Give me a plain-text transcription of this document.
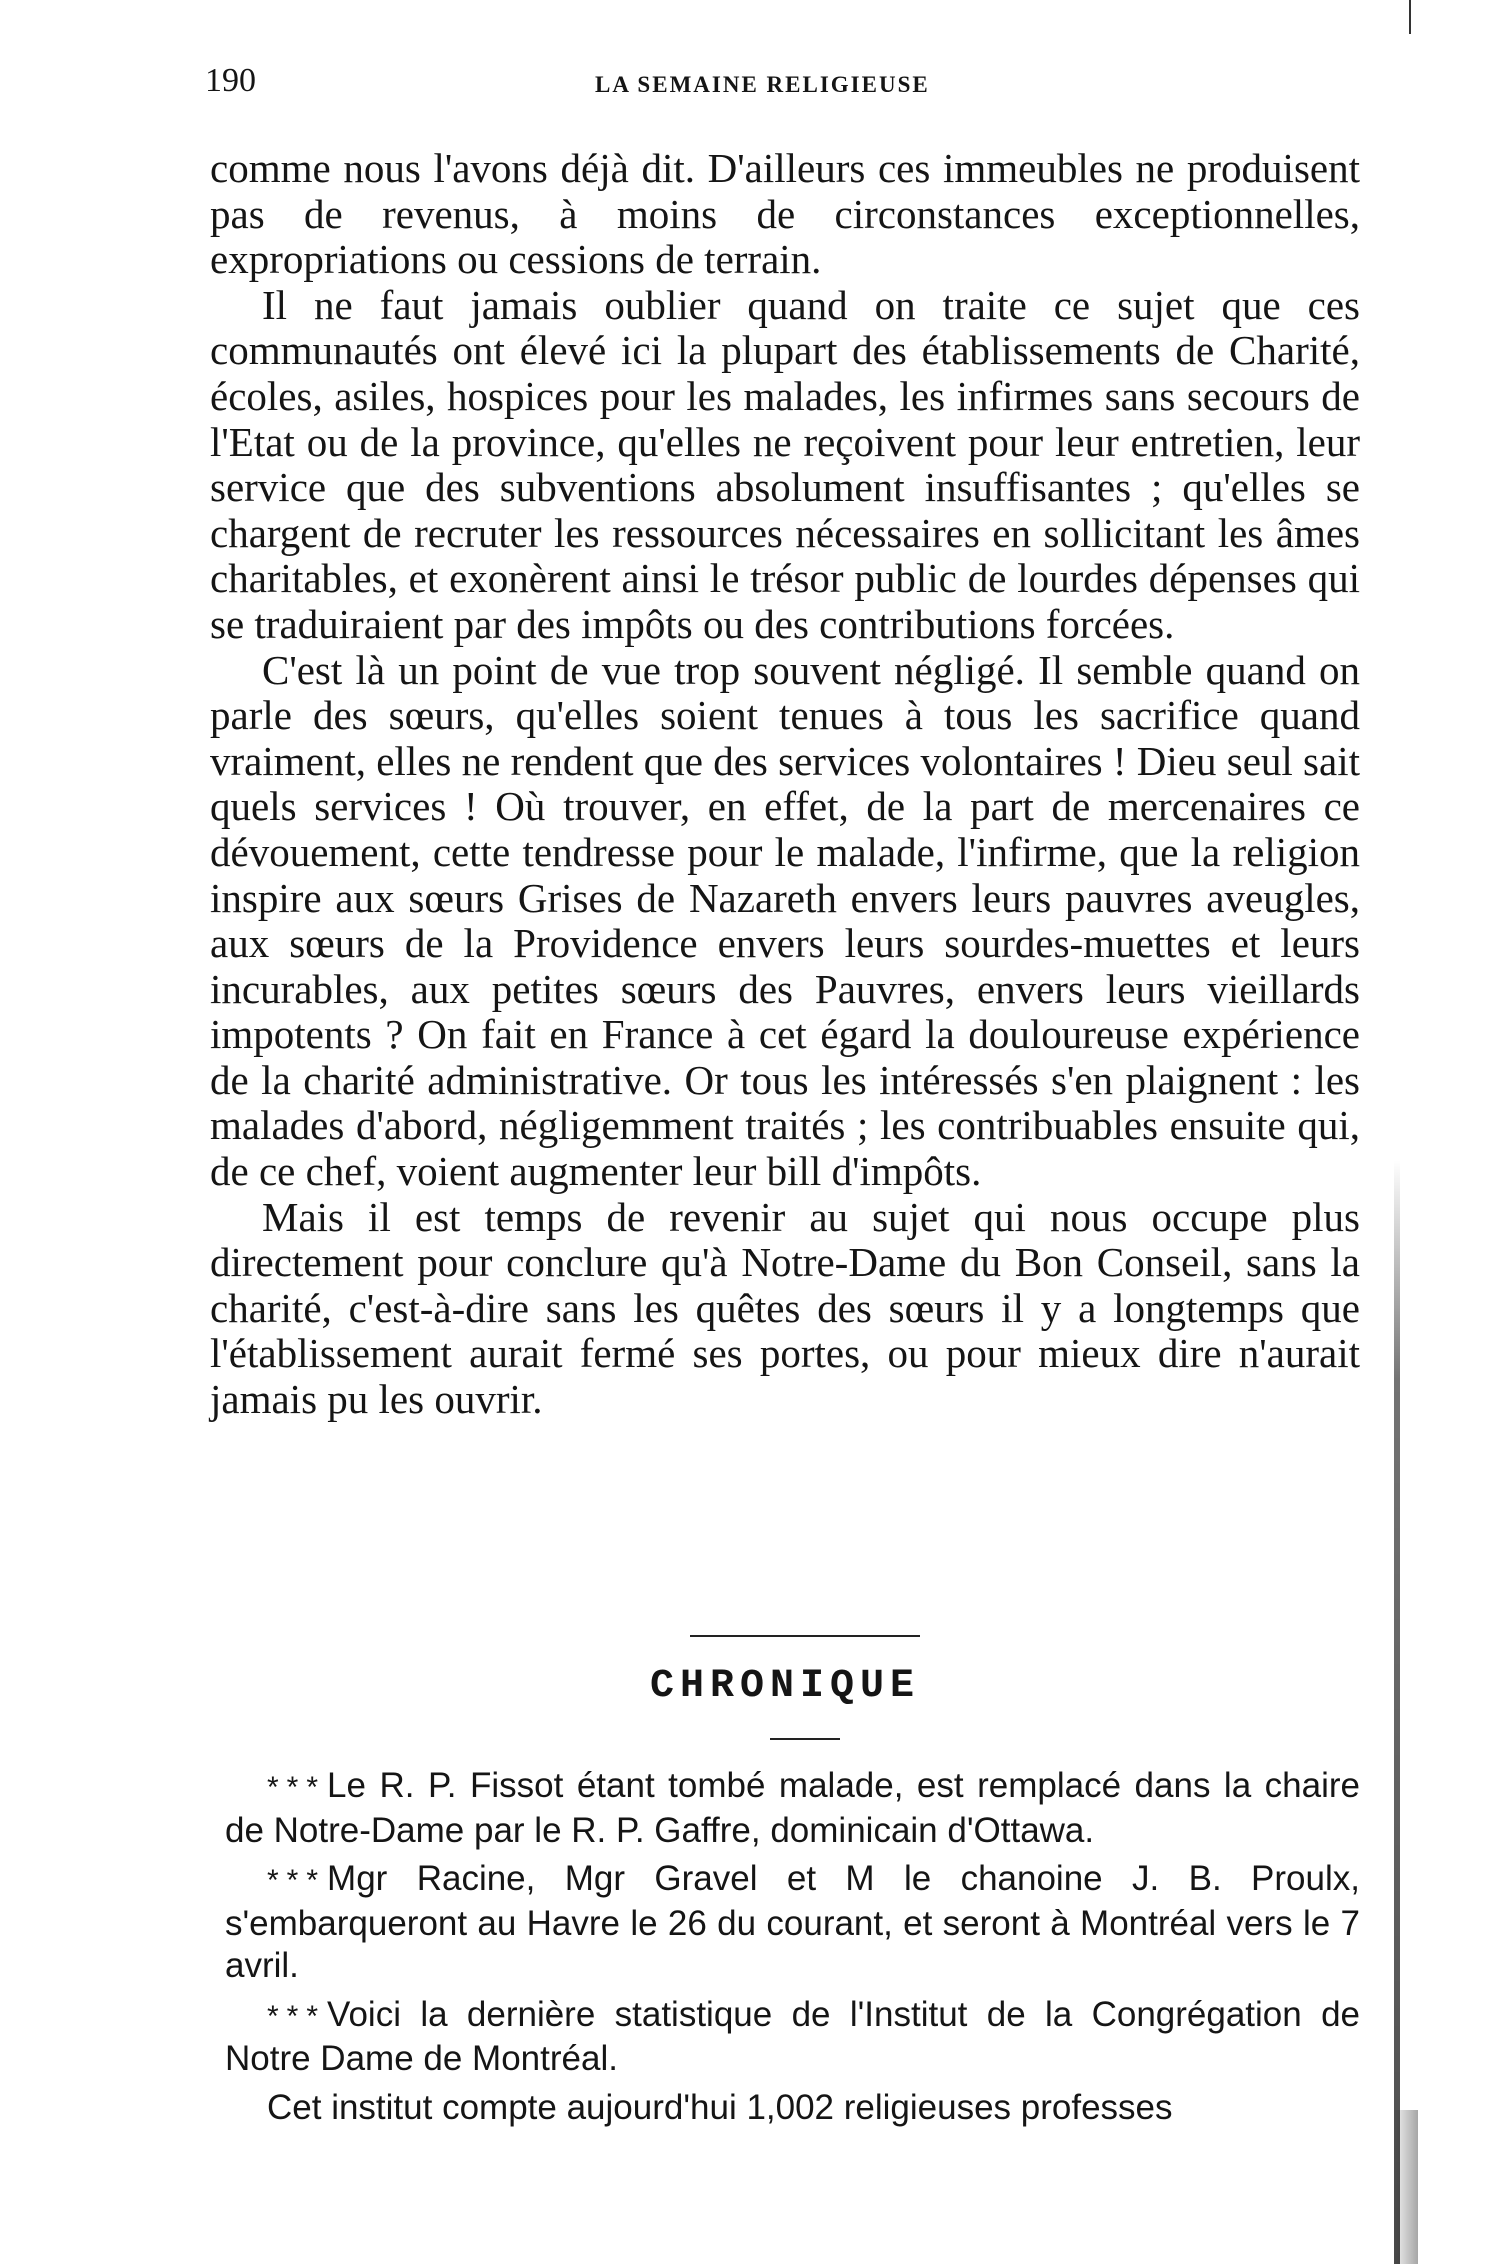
190	LA SEMAINE RELIGIEUSE

comme nous l'avons déjà dit. D'ailleurs ces immeubles ne produisent pas de revenus, à moins de circonstances exceptionnelles, expropriations ou cessions de terrain.

Il ne faut jamais oublier quand on traite ce sujet que ces communautés ont élevé ici la plupart des établissements de Charité, écoles, asiles, hospices pour les malades, les infirmes sans secours de l'Etat ou de la province, qu'elles ne reçoivent pour leur entretien, leur service que des subventions absolument insuffisantes ; qu'elles se chargent de recruter les ressources nécessaires en sollicitant les âmes charitables, et exonèrent ainsi le trésor public de lourdes dépenses qui se traduiraient par des impôts ou des contributions forcées.

C'est là un point de vue trop souvent négligé. Il semble quand on parle des sœurs, qu'elles soient tenues à tous les sacrifice quand vraiment, elles ne rendent que des services volontaires ! Dieu seul sait quels services ! Où trouver, en effet, de la part de mercenaires ce dévouement, cette tendresse pour le malade, l'infirme, que la religion inspire aux sœurs Grises de Nazareth envers leurs pauvres aveugles, aux sœurs de la Providence envers leurs sourdes-muettes et leurs incurables, aux petites sœurs des Pauvres, envers leurs vieillards impotents ? On fait en France à cet égard la douloureuse expérience de la charité administrative. Or tous les intéressés s'en plaignent : les malades d'abord, négligemment traités ; les contribuables ensuite qui, de ce chef, voient augmenter leur bill d'impôts.

Mais il est temps de revenir au sujet qui nous occupe plus directement pour conclure qu'à Notre-Dame du Bon Conseil, sans la charité, c'est-à-dire sans les quêtes des sœurs il y a longtemps que l'établissement aurait fermé ses portes, ou pour mieux dire n'aurait jamais pu les ouvrir.

CHRONIQUE

* * * Le R. P. Fissot étant tombé malade, est remplacé dans la chaire de Notre-Dame par le R. P. Gaffre, dominicain d'Ottawa.

* * * Mgr Racine, Mgr Gravel et M le chanoine J. B. Proulx, s'embarqueront au Havre le 26 du courant, et seront à Montréal vers le 7 avril.

* * * Voici la dernière statistique de l'Institut de la Congrégation de Notre Dame de Montréal.

Cet institut compte aujourd'hui 1,002 religieuses professes
